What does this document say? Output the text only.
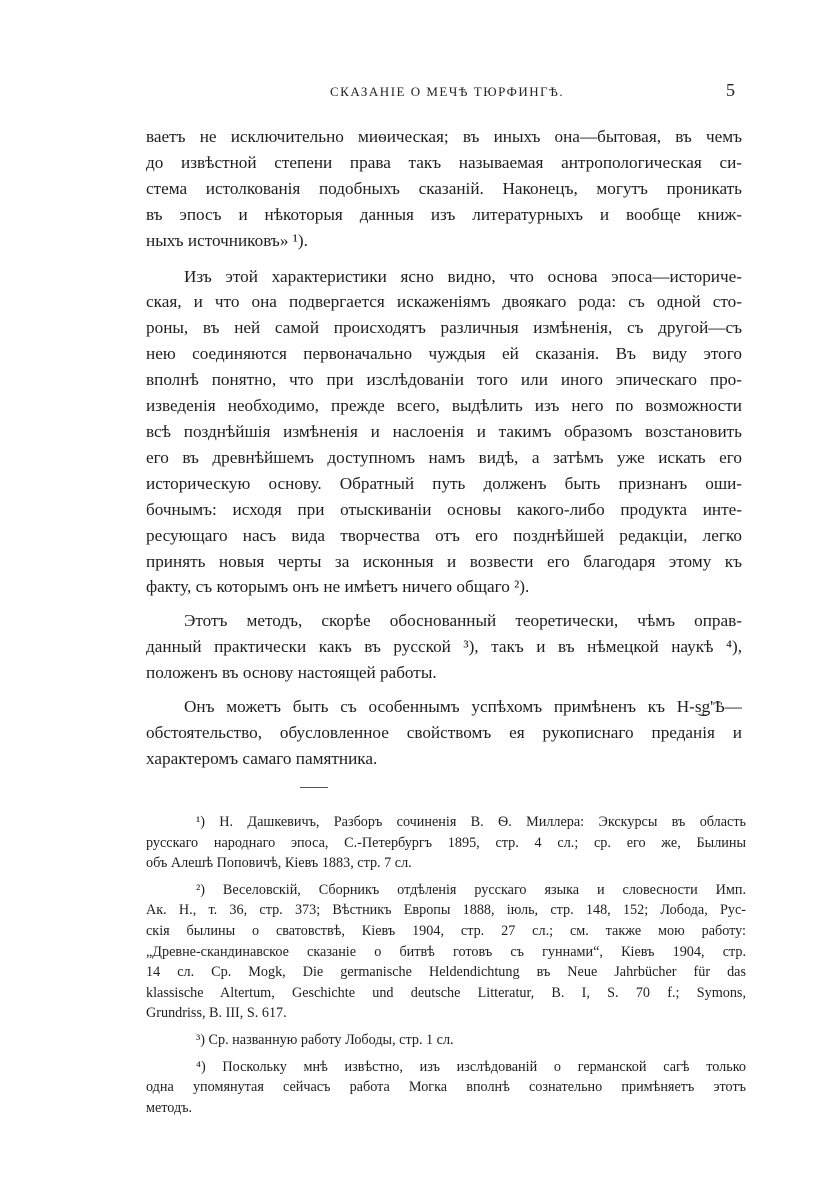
СКАЗАНIЕ О МЕЧѢ ТЮРФИНГѢ.	5

ваетъ не исключительно миѳическая; въ иныхъ она—бытовая, въ чемъ
до извѣстной степени права такъ называемая антропологическая си-
стема истолкованiя подобныхъ сказанiй. Наконецъ, могутъ проникать
въ эпосъ и нѣкоторыя данныя изъ литературныхъ и вообще книж-
ныхъ источниковъ» ¹).

Изъ этой характеристики ясно видно, что основа эпоса—историче-
ская, и что она подвергается искаженiямъ двоякаго рода: съ одной сто-
роны, въ ней самой происходятъ различныя измѣненiя, съ другой—съ
нею соединяются первоначально чуждыя ей сказанiя. Въ виду этого
вполнѣ понятно, что при изслѣдованiи того или иного эпическаго про-
изведенiя необходимо, прежде всего, выдѣлить изъ него по возможности
всѣ позднѣйшiя измѣненiя и наслоенiя и такимъ образомъ возстановить
его въ древнѣйшемъ доступномъ намъ видѣ, а затѣмъ уже искать его
историческую основу. Обратный путь долженъ быть признанъ оши-
бочнымъ: исходя при отыскиванiи основы какого-либо продукта инте-
ресующаго насъ вида творчества отъ его позднѣйшей редакцiи, легко
принять новыя черты за исконныя и возвести его благодаря этому къ
факту, съ которымъ онъ не имѣетъ ничего общаго ²).

Этотъ методъ, скорѣе обоснованный теоретически, чѣмъ оправ-
данный практически какъ въ русской ³), такъ и въ нѣмецкой наукѣ ⁴),
положенъ въ основу настоящей работы.

Онъ можетъ быть съ особеннымъ успѣхомъ примѣненъ къ H-s͜g'Ѣ—
обстоятельство, обусловленное свойствомъ ея рукописнаго преданiя и
характеромъ самаго памятника.

¹) Н. Дашкевичъ, Разборъ сочиненiя В. Ѳ. Миллера: Экскурсы въ область
русскаго народнаго эпоса, С.-Петербургъ 1895, стр. 4 сл.; ср. его же, Былины
объ Алешѣ Поповичѣ, Кiевъ 1883, стр. 7 сл.
²) Веселовскiй, Сборникъ отдѣленiя русскаго языка и словесности Имп.
Ак. Н., т. 36, стр. 373; Вѣстникъ Европы 1888, iюль, стр. 148, 152; Лобода, Рус-
скiя былины о сватовствѣ, Кiевъ 1904, стр. 27 сл.; см. также мою работу:
„Древне-скандинавское сказанiе о битвѣ готовъ съ гуннами“, Кiевъ 1904, стр.
14 сл. Ср. Mogk, Die germanische Heldendichtung въ Neue Jahrbücher für das
klassische Altertum, Geschichte und deutsche Litteratur, B. I, S. 70 f.; Symons,
Grundriss, B. III, S. 617.
³) Ср. названную работу Лободы, стр. 1 сл.
⁴) Поскольку мнѣ извѣстно, изъ изслѣдованiй о германской сагѣ только
одна упомянутая сейчасъ работа Могка вполнѣ сознательно примѣняетъ этотъ
методъ.
